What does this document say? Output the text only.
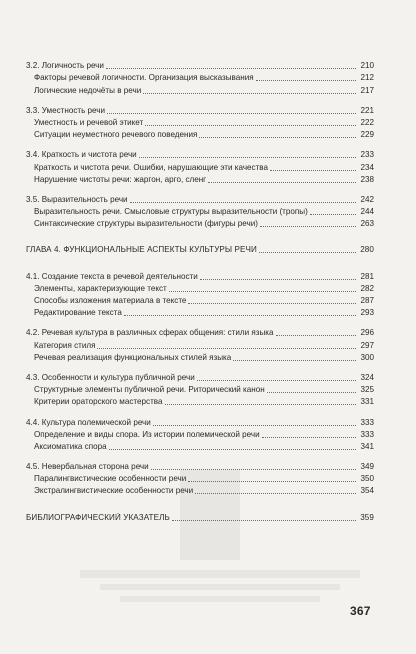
3.2. Логичность речи	210
Факторы речевой логичности. Организация высказывания	212
Логические недочёты в речи	217
3.3. Уместность речи	221
Уместность и речевой этикет	222
Ситуации неуместного речевого поведения	229
3.4. Краткость и чистота речи	233
Краткость и чистота речи. Ошибки, нарушающие эти качества	234
Нарушение чистоты речи: жаргон, арго, сленг	238
3.5. Выразительность речи	242
Выразительность речи. Смысловые структуры выразительности (тропы)	244
Синтаксические структуры выразительности (фигуры речи)	263
ГЛАВА 4. ФУНКЦИОНАЛЬНЫЕ АСПЕКТЫ КУЛЬТУРЫ РЕЧИ	280
4.1. Создание текста в речевой деятельности	281
Элементы, характеризующие текст	282
Способы изложения материала в тексте	287
Редактирование текста	293
4.2. Речевая культура в различных сферах общения: стили языка	296
Категория стиля	297
Речевая реализация функциональных стилей языка	300
4.3. Особенности и культура публичной речи	324
Структурные элементы публичной речи. Риторический канон	325
Критерии ораторского мастерства	331
4.4. Культура полемической речи	333
Определение и виды спора. Из истории полемической речи	333
Аксиоматика спора	341
4.5. Невербальная сторона речи	349
Паралингвистические особенности речи	350
Экстралингвистические особенности речи	354
БИБЛИОГРАФИЧЕСКИЙ УКАЗАТЕЛЬ	359
367
